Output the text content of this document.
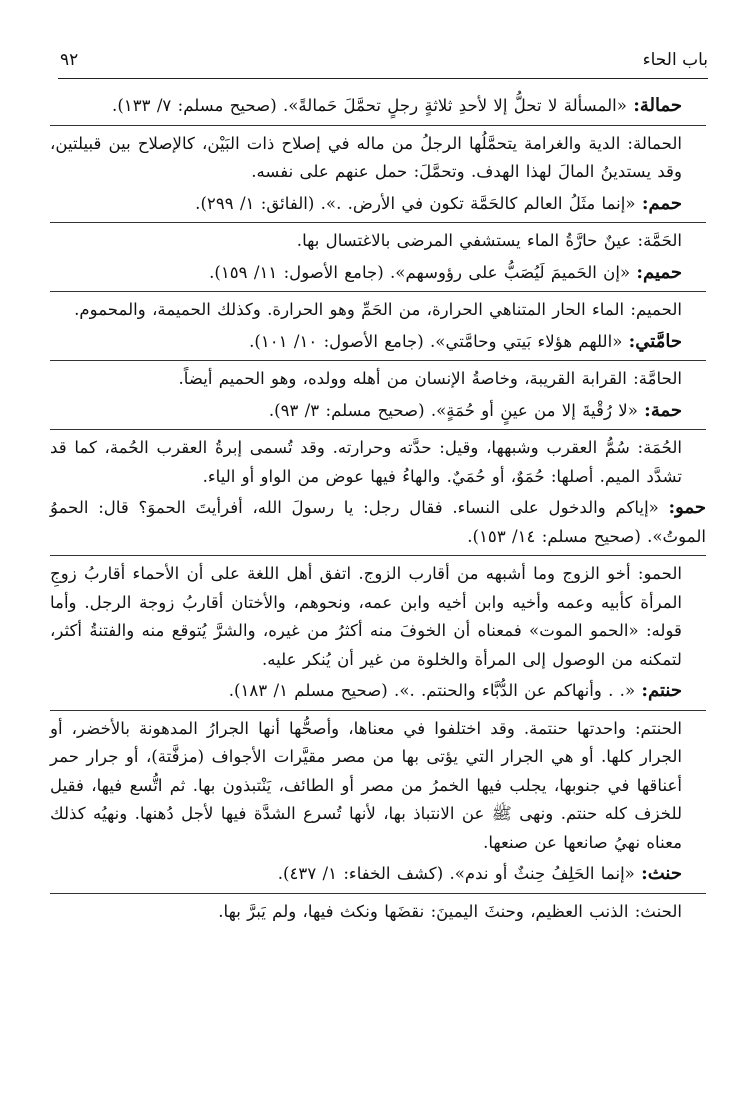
باب الحاء
٩٢

حمالة: «المسألة لا تحلُّ إلا لأحدِ ثلاثةٍ رجلٍ تحمَّلَ حَمالةً». (صحيح مسلم: ٧/ ١٣٣).

الحمالة: الدية والغرامة يتحمَّلُها الرجلُ من ماله في إصلاح ذات البَيْن، كالإصلاح بين قبيلتين، وقد يستدينُ المالَ لهذا الهدف. وتحمَّلَ: حمل عنهم على نفسه.

حمم: «إنما مثَلُ العالم كالحَمَّة تكون في الأرض. .». (الفائق: ١/ ٢٩٩).

الحَمَّة: عينٌ حارَّةُ الماء يستشفي المرضى بالاغتسال بها.

حميم: «إن الحَميمَ لَيُصَبُّ على رؤوسهم». (جامع الأصول: ١١/ ١٥٩).

الحميم: الماء الحار المتناهي الحرارة، من الحَمِّ وهو الحرارة. وكذلك الحميمة، والمحموم.

حامَّتي: «اللهم هؤلاء بَيتي وحامَّتي». (جامع الأصول: ١٠/ ١٠١).

الحامَّة: القرابة القريبة، وخاصةُ الإنسان من أهله وولده، وهو الحميم أيضاً.

حمة: «لا رُقْيةَ إلا من عينٍ أو حُمَةٍ». (صحيح مسلم: ٣/ ٩٣).

الحُمَة: سُمُّ العقرب وشبهها، وقيل: حدَّته وحرارته. وقد تُسمى إبرةُ العقرب الحُمة، كما قد تشدَّد الميم. أصلها: حُمَوٌ، أو حُمَيٌ. والهاءُ فيها عوض من الواو أو الياء.

حمو: «إياكم والدخول على النساء. فقال رجل: يا رسولَ الله، أفرأيتَ الحموَ؟ قال: الحموُ الموتُ». (صحيح مسلم: ١٤/ ١٥٣).

الحمو: أخو الزوج وما أشبهه من أقارب الزوج. اتفق أهل اللغة على أن الأحماء أقاربُ زوجِ المرأة كأبيه وعمه وأخيه وابن أخيه وابن عمه، ونحوهم، والأختان أقاربُ زوجة الرجل. وأما قوله: «الحمو الموت» فمعناه أن الخوفَ منه أكثرُ من غيره، والشرَّ يُتوقع منه والفتنةُ أكثر، لتمكنه من الوصول إلى المرأة والخلوة من غير أن يُنكر عليه.

حنتم: «. . وأنهاكم عن الدُّبَّاء والحنتم. .». (صحيح مسلم ١/ ١٨٣).

الحنتم: واحدتها حنتمة. وقد اختلفوا في معناها، وأصحُّها أنها الجرارُ المدهونة بالأخضر، أو الجرار كلها. أو هي الجرار التي يؤتى بها من مصر مقيَّرات الأجواف (مزفَّتة)، أو جرار حمر أعناقها في جنوبها، يجلب فيها الخمرُ من مصر أو الطائف، يَنْتبذون بها. ثم اتُّسع فيها، فقيل للخزف كله حنتم. ونهى ﷺ عن الانتباذ بها، لأنها تُسرع الشدَّة فيها لأجل دُهنها. ونهيُه كذلك معناه نهيُ صانعها عن صنعها.

حنث: «إنما الحَلِفُ حِنثٌ أو ندم». (كشف الخفاء: ١/ ٤٣٧).

الحنث: الذنب العظيم، وحنثَ اليمينَ: نقضَها ونكث فيها، ولم يَبرَّ بها.
